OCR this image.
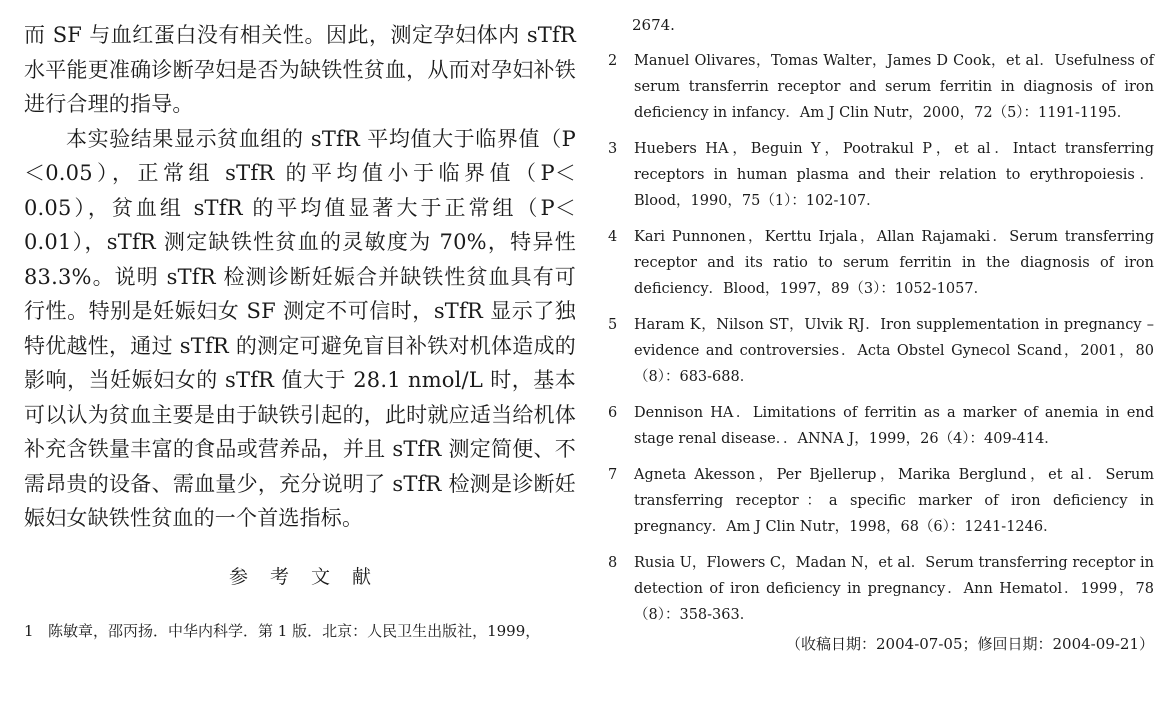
而 SF 与血红蛋白没有相关性。因此，测定孕妇体内 sTfR 水平能更准确诊断孕妇是否为缺铁性贫血，从而对孕妇补铁进行合理的指导。

本实验结果显示贫血组的 sTfR 平均值大于临界值（P＜0.05），正常组 sTfR 的平均值小于临界值（P＜0.05），贫血组 sTfR 的平均值显著大于正常组（P＜0.01），sTfR 测定缺铁性贫血的灵敏度为 70%，特异性 83.3%。说明 sTfR 检测诊断妊娠合并缺铁性贫血具有可行性。特别是妊娠妇女 SF 测定不可信时，sTfR 显示了独特优越性，通过 sTfR 的测定可避免盲目补铁对机体造成的影响，当妊娠妇女的 sTfR 值大于 28.1 nmol/L 时，基本可以认为贫血主要是由于缺铁引起的，此时就应适当给机体补充含铁量丰富的食品或营养品，并且 sTfR 测定简便、不需昂贵的设备、需血量少，充分说明了 sTfR 检测是诊断妊娠妇女缺铁性贫血的一个首选指标。

参考文献
1 陈敏章，邵丙扬．中华内科学．第 1 版．北京：人民卫生出版社，1999，
2674.
2 Manuel Olivares，Tomas Walter，James D Cook，et al．Usefulness of serum transferrin receptor and serum ferritin in diagnosis of iron deficiency in infancy．Am J Clin Nutr，2000，72（5）：1191-1195．
3 Huebers HA，Beguin Y，Pootrakul P，et al．Intact transferring receptors in human plasma and their relation to erythropoiesis．Blood，1990，75（1）：102-107．
4 Kari Punnonen，Kerttu Irjala，Allan Rajamaki．Serum transferring receptor and its ratio to serum ferritin in the diagnosis of iron deficiency．Blood，1997，89（3）：1052-1057．
5 Haram K，Nilson ST，Ulvik RJ．Iron supplementation in pregnancy – evidence and controversies．Acta Obstel Gynecol Scand，2001，80（8）：683-688．
6 Dennison HA．Limitations of ferritin as a marker of anemia in end stage renal disease．．ANNA J，1999，26（4）：409-414．
7 Agneta Akesson，Per Bjellerup，Marika Berglund，et al．Serum transferring receptor：a specific marker of iron deficiency in pregnancy．Am J Clin Nutr，1998，68（6）：1241-1246．
8 Rusia U，Flowers C，Madan N，et al．Serum transferring receptor in detection of iron deficiency in pregnancy．Ann Hematol．1999，78（8）：358-363．
（收稿日期：2004-07-05；修回日期：2004-09-21）
